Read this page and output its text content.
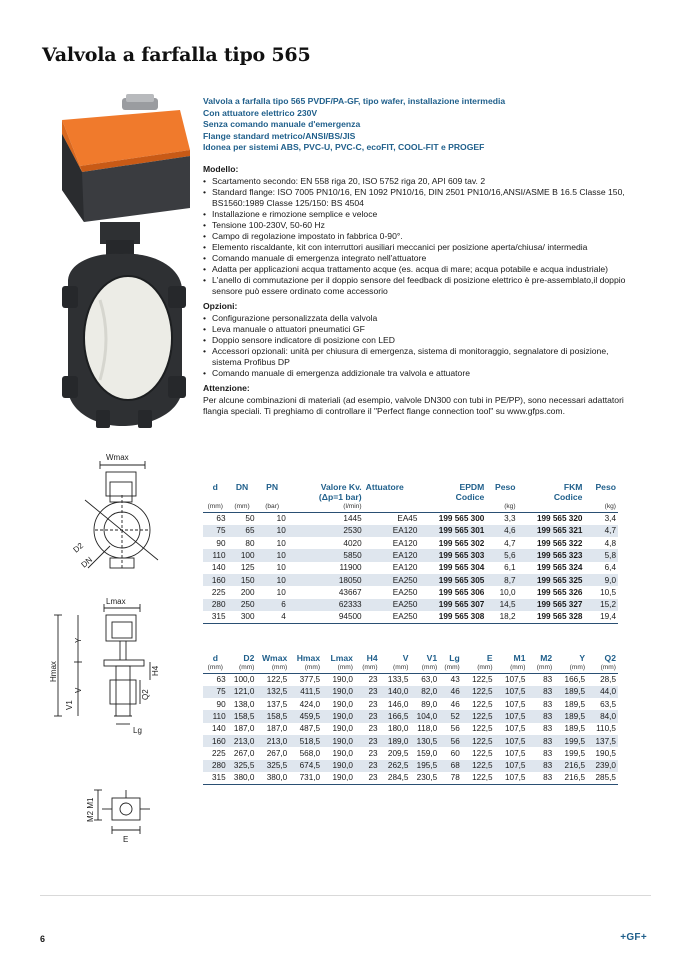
Valvola a farfalla tipo 565
Wmax
D2
DN
Lmax
Hmax
Y
V
V1
H4
Q2
Lg
M2 M1
E
Valvola a farfalla tipo 565 PVDF/PA-GF, tipo wafer, installazione intermedia
Con attuatore elettrico 230V
Senza comando manuale d'emergenza
Flange standard metrico/ANSI/BS/JIS
Idonea per sistemi ABS, PVC-U, PVC-C, ecoFIT, COOL-FIT e PROGEF
Modello:
• Scartamento secondo: EN 558 riga 20, ISO 5752 riga 20, API 609 tav. 2
• Standard flange: ISO 7005 PN10/16, EN 1092 PN10/16, DIN 2501 PN10/16,ANSI/ASME B 16.5 Classe 150, BS1560:1989 Classe 125/150: BS 4504
• Installazione e rimozione semplice e veloce
• Tensione 100-230V, 50-60 Hz
• Campo di regolazione impostato in fabbrica 0-90°.
• Elemento riscaldante, kit con interruttori ausiliari meccanici per posizione aperta/chiusa/ intermedia
• Comando manuale di emergenza integrato nell'attuatore
• Adatta per applicazioni acqua trattamento acque (es. acqua di mare; acqua potabile e acqua industriale)
• L'anello di commutazione per il doppio sensore del feedback di posizione elettrico è pre-assemblato,il doppio sensore può essere ordinato come accessorio
Opzioni:
• Configurazione personalizzata della valvola
• Leva manuale o attuatori pneumatici GF
• Doppio sensore indicatore di posizione con LED
• Accessori opzionali: unità per chiusura di emergenza, sistema di monitoraggio, segnalatore di posizione, sistema Profibus DP
• Comando manuale di emergenza addizionale tra valvola e attuatore
Attenzione:
Per alcune combinazioni di materiali (ad esempio, valvole DN300 con tubi in PE/PP), sono necessari adattatori flangia speciali. Ti preghiamo di controllare il "Perfect flange connection tool" su www.gfps.com.
d	DN	PN	Valore Kv.	Attuatore	EPDM	Peso	FKM	Peso
			(Δp=1 bar)		Codice		Codice	
(mm)	(mm)	(bar)	(l/min)			(kg)		(kg)
63	50	10	1445	EA45	199 565 300	3,3	199 565 320	3,4
75	65	10	2530	EA120	199 565 301	4,6	199 565 321	4,7
90	80	10	4020	EA120	199 565 302	4,7	199 565 322	4,8
110	100	10	5850	EA120	199 565 303	5,6	199 565 323	5,8
140	125	10	11900	EA120	199 565 304	6,1	199 565 324	6,4
160	150	10	18050	EA250	199 565 305	8,7	199 565 325	9,0
225	200	10	43667	EA250	199 565 306	10,0	199 565 326	10,5
280	250	6	62333	EA250	199 565 307	14,5	199 565 327	15,2
315	300	4	94500	EA250	199 565 308	18,2	199 565 328	19,4
d	D2	Wmax	Hmax	Lmax	H4	V	V1	Lg	E	M1	M2	Y	Q2
(mm)	(mm)	(mm)	(mm)	(mm)	(mm)	(mm)	(mm)	(mm)	(mm)	(mm)	(mm)	(mm)	(mm)
63	100,0	122,5	377,5	190,0	23	133,5	63,0	43	122,5	107,5	83	166,5	28,5
75	121,0	132,5	411,5	190,0	23	140,0	82,0	46	122,5	107,5	83	189,5	44,0
90	138,0	137,5	424,0	190,0	23	146,0	89,0	46	122,5	107,5	83	189,5	63,5
110	158,5	158,5	459,5	190,0	23	166,5	104,0	52	122,5	107,5	83	189,5	84,0
140	187,0	187,0	487,5	190,0	23	180,0	118,0	56	122,5	107,5	83	189,5	110,5
160	213,0	213,0	518,5	190,0	23	189,0	130,5	56	122,5	107,5	83	199,5	137,5
225	267,0	267,0	568,0	190,0	23	209,5	159,0	60	122,5	107,5	83	199,5	190,5
280	325,5	325,5	674,5	190,0	23	262,5	195,5	68	122,5	107,5	83	216,5	239,0
315	380,0	380,0	731,0	190,0	23	284,5	230,5	78	122,5	107,5	83	216,5	285,5
6	+GF+
